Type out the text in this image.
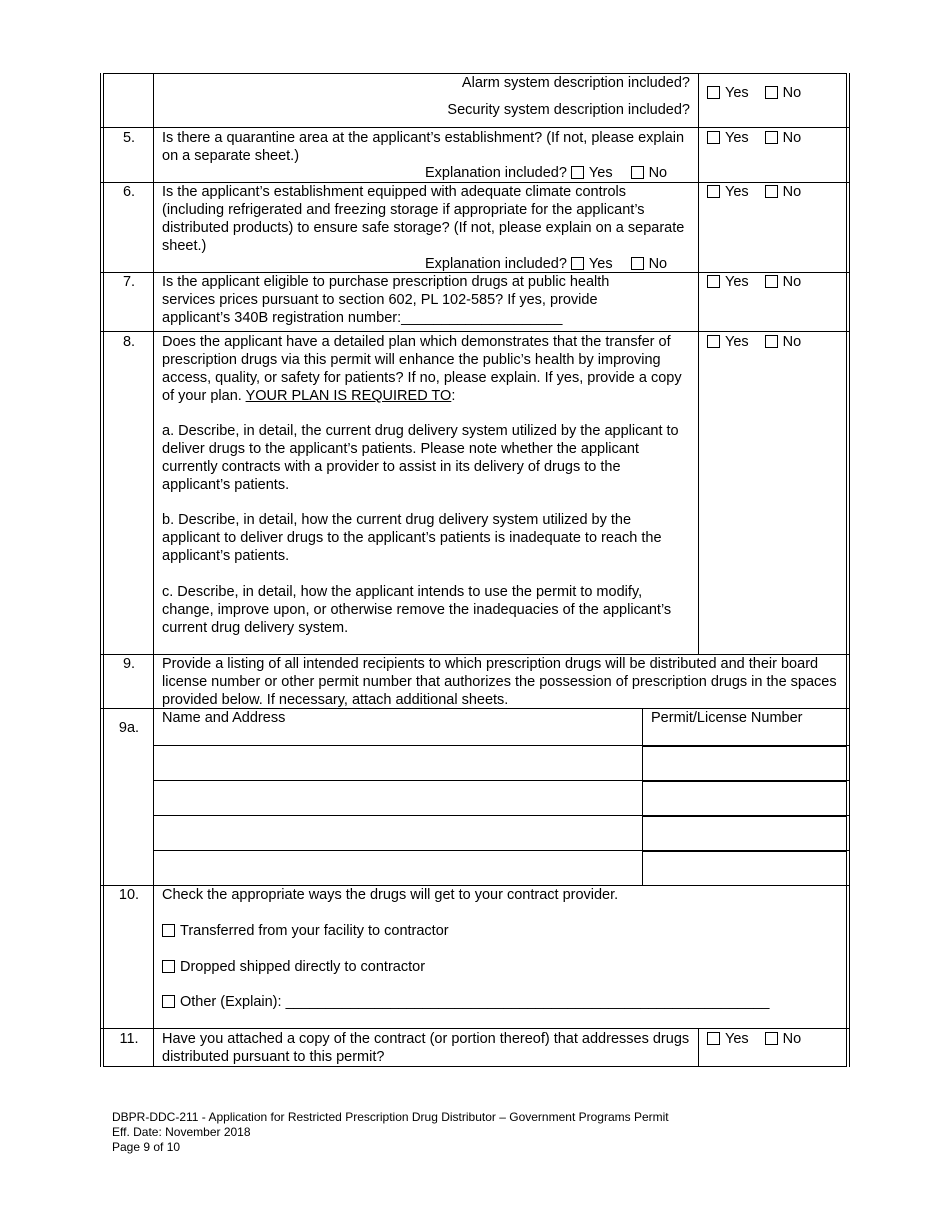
Alarm system description included?
Security system description included?
Yes No
5.	Is there a quarantine area at the applicant’s establishment? (If not, please explain on a separate sheet.)
Explanation included? Yes No
Yes No
6.	Is the applicant’s establishment equipped with adequate climate controls (including refrigerated and freezing storage if appropriate for the applicant’s distributed products) to ensure safe storage? (If not, please explain on a separate sheet.)
Explanation included? Yes No
Yes No
7.	Is the applicant eligible to purchase prescription drugs at public health services prices pursuant to section 602, PL 102-585? If yes, provide applicant’s 340B registration number:____________________
Yes No
8.	Does the applicant have a detailed plan which demonstrates that the transfer of prescription drugs via this permit will enhance the public’s health by improving access, quality, or safety for patients? If no, please explain. If yes, provide a copy of your plan. YOUR PLAN IS REQUIRED TO:
a. Describe, in detail, the current drug delivery system utilized by the applicant to deliver drugs to the applicant’s patients. Please note whether the applicant currently contracts with a provider to assist in its delivery of drugs to the applicant’s patients.
b. Describe, in detail, how the current drug delivery system utilized by the applicant to deliver drugs to the applicant’s patients is inadequate to reach the applicant’s patients.
c. Describe, in detail, how the applicant intends to use the permit to modify, change, improve upon, or otherwise remove the inadequacies of the applicant’s current drug delivery system.
Yes No
9.	Provide a listing of all intended recipients to which prescription drugs will be distributed and their board license number or other permit number that authorizes the possession of prescription drugs in the spaces provided below. If necessary, attach additional sheets.
9a.
Name and Address	Permit/License Number
10.	Check the appropriate ways the drugs will get to your contract provider.
Transferred from your facility to contractor
Dropped shipped directly to contractor
Other (Explain): ____________________________________________________________
11.	Have you attached a copy of the contract (or portion thereof) that addresses drugs distributed pursuant to this permit?
Yes No
DBPR-DDC-211 - Application for Restricted Prescription Drug Distributor – Government Programs Permit
Eff. Date: November 2018
Page 9 of 10
